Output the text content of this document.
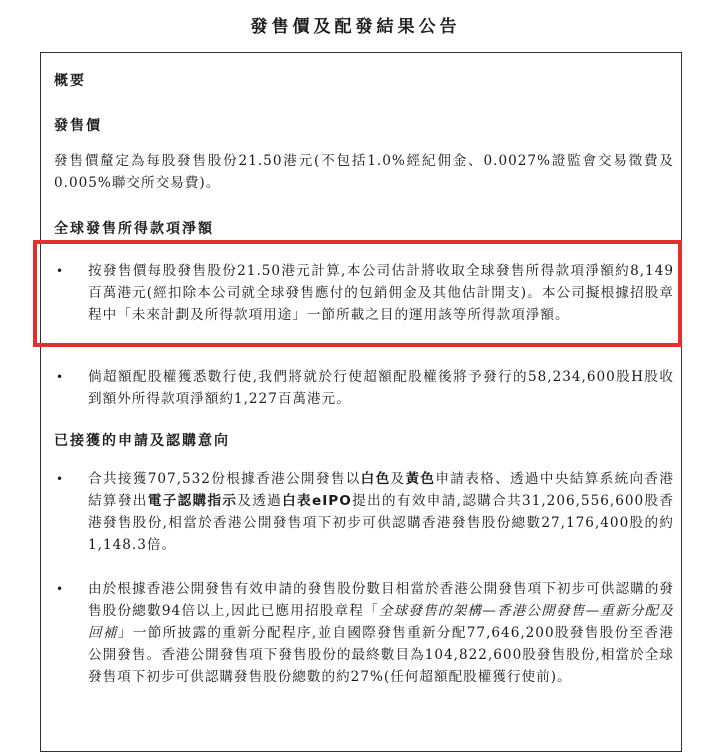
發售價及配發結果公告
概要
發售價
發售價釐定為每股發售股份21.50港元(不包括1.0%經紀佣金、0.0027%證監會交易徵費及0.005%聯交所交易費)。
全球發售所得款項淨額
• 按發售價每股發售股份21.50港元計算,本公司估計將收取全球發售所得款項淨額約8,149百萬港元(經扣除本公司就全球發售應付的包銷佣金及其他估計開支)。本公司擬根據招股章程中「未來計劃及所得款項用途」一節所載之目的運用該等所得款項淨額。
• 倘超額配股權獲悉數行使,我們將就於行使超額配股權後將予發行的58,234,600股H股收到額外所得款項淨額約1,227百萬港元。
已接獲的申請及認購意向
• 合共接獲707,532份根據香港公開發售以白色及黃色申請表格、透過中央結算系統向香港結算發出電子認購指示及透過白表eIPO提出的有效申請,認購合共31,206,556,600股香港發售股份,相當於香港公開發售項下初步可供認購香港發售股份總數27,176,400股的約1,148.3倍。
• 由於根據香港公開發售有效申請的發售股份數目相當於香港公開發售項下初步可供認購的發售股份總數94倍以上,因此已應用招股章程「全球發售的架構—香港公開發售—重新分配及回補」一節所披露的重新分配程序,並自國際發售重新分配77,646,200股發售股份至香港公開發售。香港公開發售項下發售股份的最終數目為104,822,600股發售股份,相當於全球發售項下初步可供認購發售股份總數的約27%(任何超額配股權獲行使前)。
